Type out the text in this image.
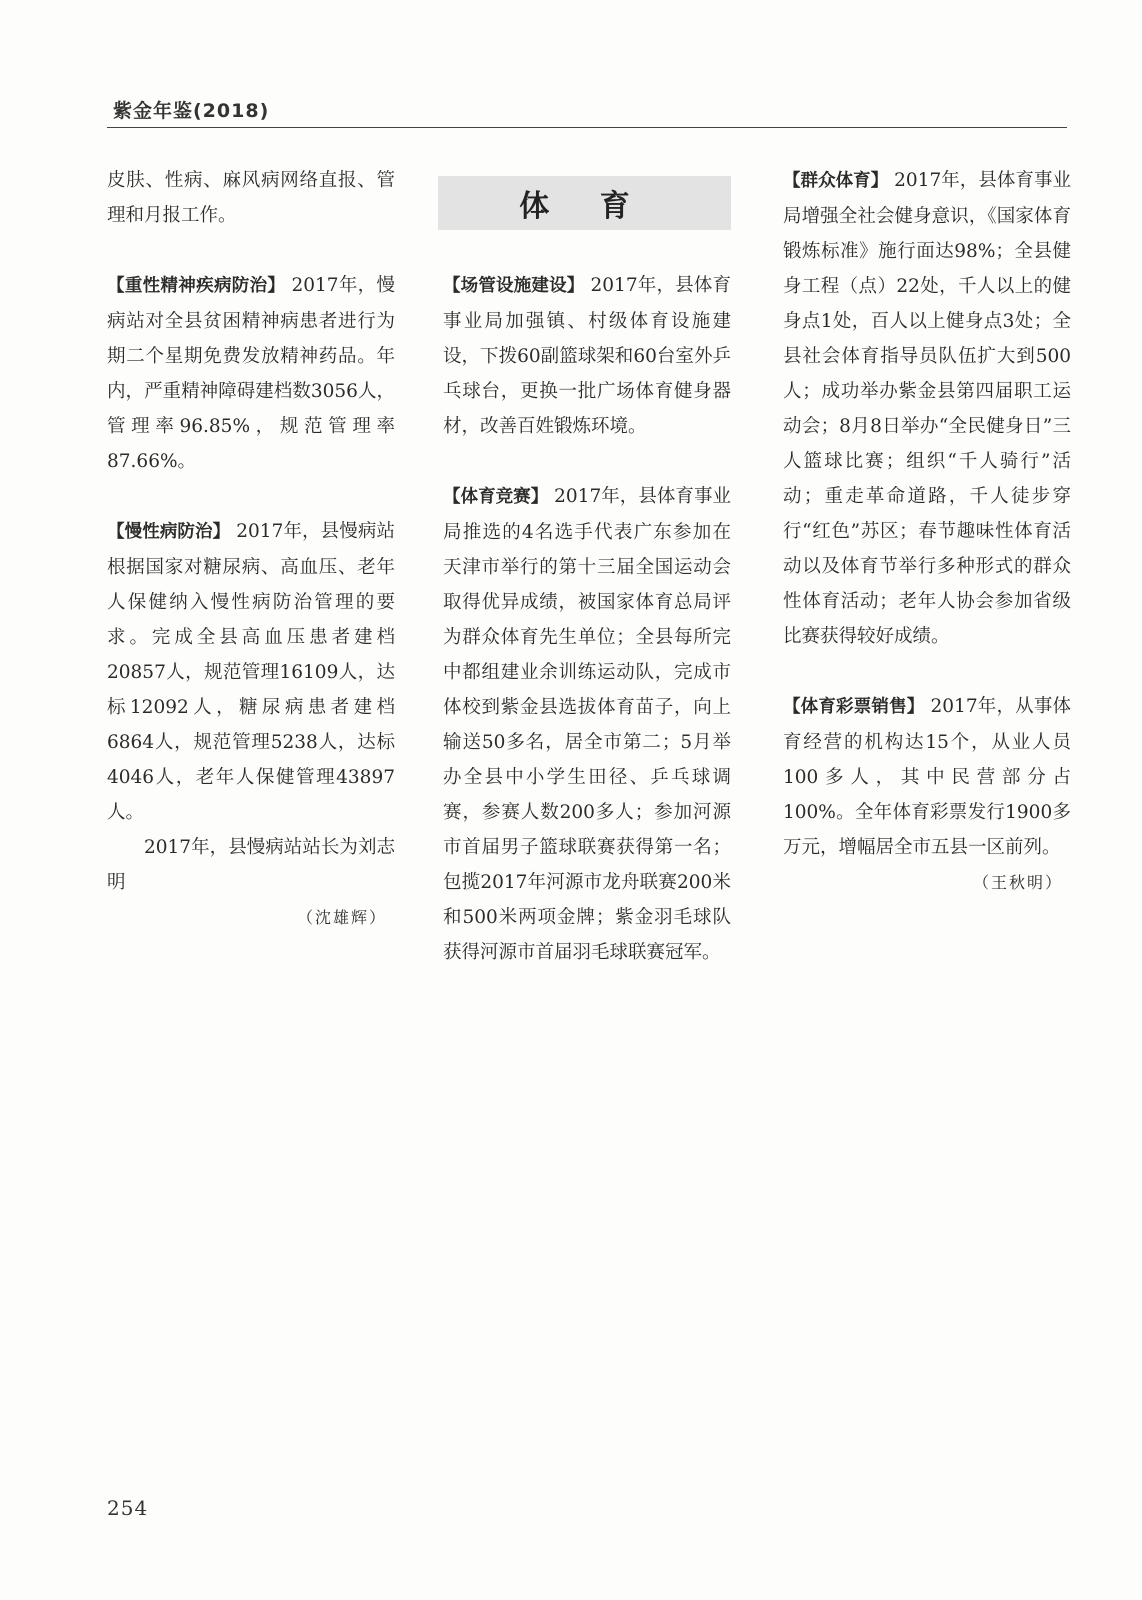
紫金年鉴(2018)

皮肤、性病、麻风病网络直报、管理和月报工作。

【重性精神疾病防治】 2017年，慢病站对全县贫困精神病患者进行为期二个星期免费发放精神药品。年内，严重精神障碍建档数3056人，管理率96.85%，规范管理率87.66%。

【慢性病防治】 2017年，县慢病站根据国家对糖尿病、高血压、老年人保健纳入慢性病防治管理的要求。完成全县高血压患者建档20857人，规范管理16109人，达标12092人，糖尿病患者建档6864人，规范管理5238人，达标4046人，老年人保健管理43897人。

2017年，县慢病站站长为刘志明

（沈雄辉）

体 育

【场管设施建设】 2017年，县体育事业局加强镇、村级体育设施建设，下拨60副篮球架和60台室外乒乓球台，更换一批广场体育健身器材，改善百姓锻炼环境。

【体育竞赛】 2017年，县体育事业局推选的4名选手代表广东参加在天津市举行的第十三届全国运动会取得优异成绩，被国家体育总局评为群众体育先生单位；全县每所完中都组建业余训练运动队，完成市体校到紫金县选拔体育苗子，向上输送50多名，居全市第二；5月举办全县中小学生田径、乒乓球调赛，参赛人数200多人；参加河源市首届男子篮球联赛获得第一名；包揽2017年河源市龙舟联赛200米和500米两项金牌；紫金羽毛球队获得河源市首届羽毛球联赛冠军。

【群众体育】 2017年，县体育事业局增强全社会健身意识，《国家体育锻炼标准》施行面达98%；全县健身工程（点）22处，千人以上的健身点1处，百人以上健身点3处；全县社会体育指导员队伍扩大到500人；成功举办紫金县第四届职工运动会；8月8日举办“全民健身日”三人篮球比赛；组织“千人骑行”活动；重走革命道路，千人徒步穿行“红色”苏区；春节趣味性体育活动以及体育节举行多种形式的群众性体育活动；老年人协会参加省级比赛获得较好成绩。

【体育彩票销售】 2017年，从事体育经营的机构达15个，从业人员100多人，其中民营部分占100%。全年体育彩票发行1900多万元，增幅居全市五县一区前列。

（王秋明）

254
